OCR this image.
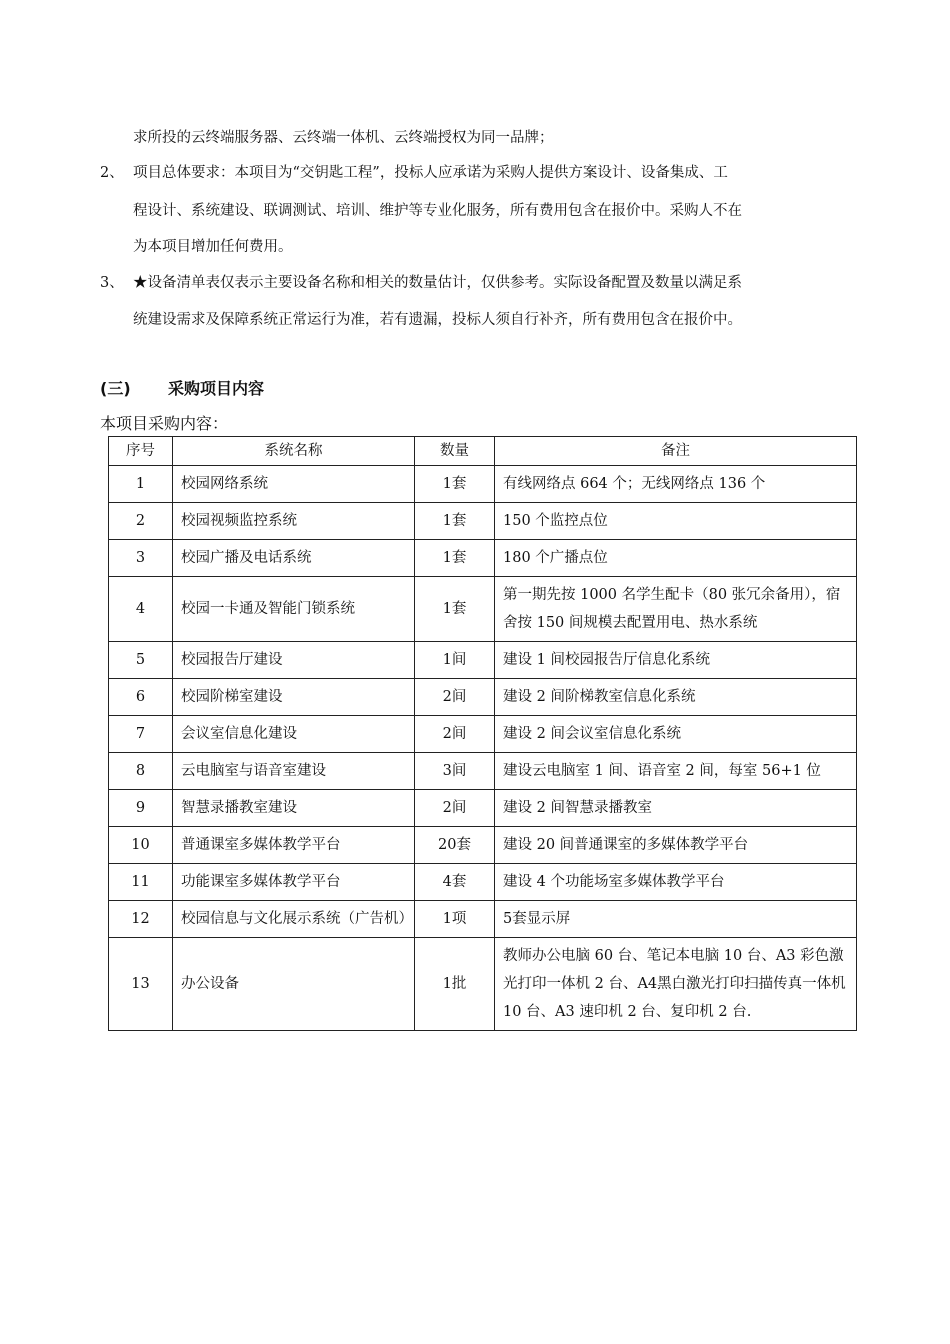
求所投的云终端服务器、云终端一体机、云终端授权为同一品牌；
2、 项目总体要求：本项目为“交钥匙工程”，投标人应承诺为采购人提供方案设计、设备集成、工
程设计、系统建设、联调测试、培训、维护等专业化服务，所有费用包含在报价中。采购人不在
为本项目增加任何费用。
3、 ★设备清单表仅表示主要设备名称和相关的数量估计，仅供参考。实际设备配置及数量以满足系
统建设需求及保障系统正常运行为准，若有遗漏，投标人须自行补齐，所有费用包含在报价中。
(三) 采购项目内容
本项目采购内容：
序号	系统名称	数量	备注
1	校园网络系统	1套	有线网络点 664 个；无线网络点 136 个
2	校园视频监控系统	1套	150 个监控点位
3	校园广播及电话系统	1套	180 个广播点位
4	校园一卡通及智能门锁系统	1套	第一期先按 1000 名学生配卡（80 张冗余备用），宿舍按 150 间规模去配置用电、热水系统
5	校园报告厅建设	1间	建设 1 间校园报告厅信息化系统
6	校园阶梯室建设	2间	建设 2 间阶梯教室信息化系统
7	会议室信息化建设	2间	建设 2 间会议室信息化系统
8	云电脑室与语音室建设	3间	建设云电脑室 1 间、语音室 2 间，每室 56+1 位
9	智慧录播教室建设	2间	建设 2 间智慧录播教室
10	普通课室多媒体教学平台	20套	建设 20 间普通课室的多媒体教学平台
11	功能课室多媒体教学平台	4套	建设 4 个功能场室多媒体教学平台
12	校园信息与文化展示系统（广告机）	1项	5套显示屏
13	办公设备	1批	教师办公电脑 60 台、笔记本电脑 10 台、A3 彩色激光打印一体机 2 台、A4黑白激光打印扫描传真一体机 10 台、A3 速印机 2 台、复印机 2 台.
